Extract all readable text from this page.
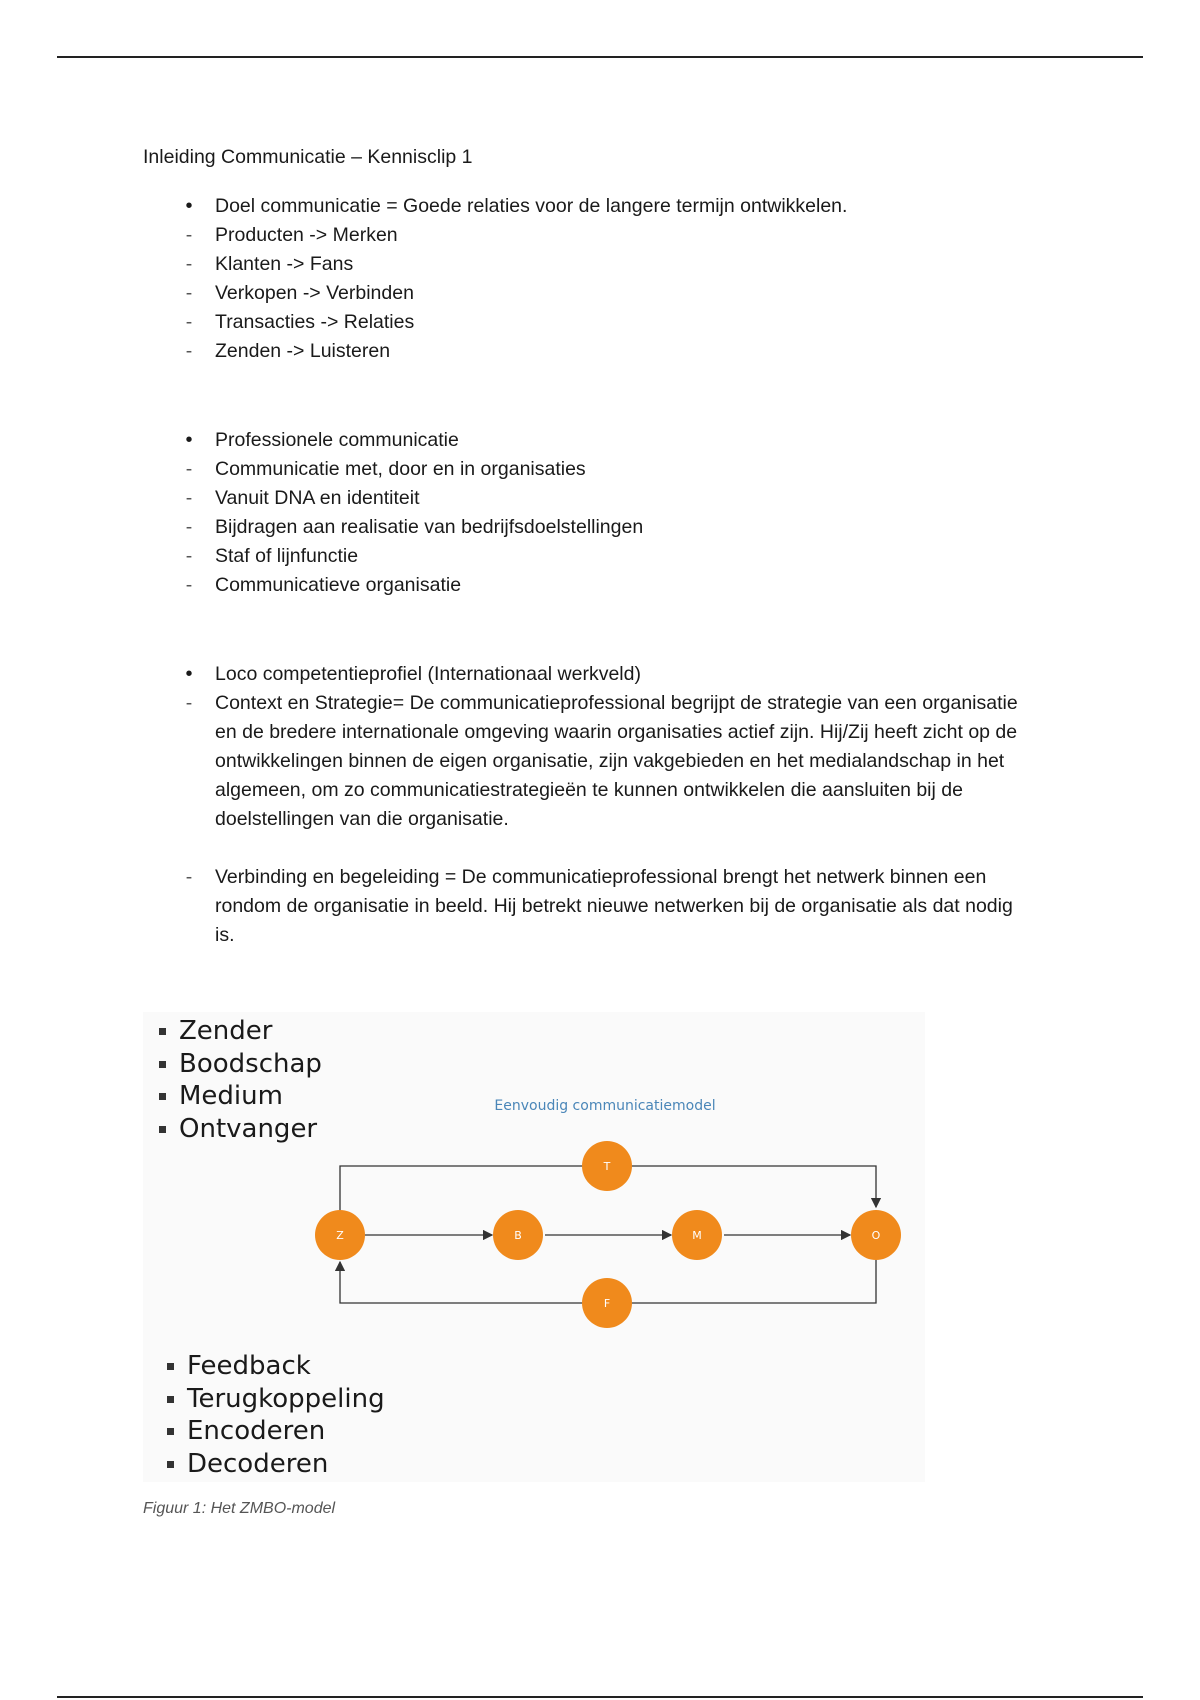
Inleiding Communicatie – Kennisclip 1

•	Doel communicatie = Goede relaties voor de langere termijn ontwikkelen.
-	Producten -> Merken
-	Klanten -> Fans
-	Verkopen -> Verbinden
-	Transacties -> Relaties
-	Zenden -> Luisteren
•	Professionele communicatie
-	Communicatie met, door en in organisaties
-	Vanuit DNA en identiteit
-	Bijdragen aan realisatie van bedrijfsdoelstellingen
-	Staf of lijnfunctie
-	Communicatieve organisatie
•	Loco competentieprofiel (Internationaal werkveld)
-	Context en Strategie= De communicatieprofessional begrijpt de strategie van een organisatie
en de bredere internationale omgeving waarin organisaties actief zijn. Hij/Zij heeft zicht op de
ontwikkelingen binnen de eigen organisatie, zijn vakgebieden en het medialandschap in het
algemeen, om zo communicatiestrategieën te kunnen ontwikkelen die aansluiten bij de
doelstellingen van die organisatie.
-	Verbinding en begeleiding = De communicatieprofessional brengt het netwerk binnen een
rondom de organisatie in beeld. Hij betrekt nieuwe netwerken bij de organisatie als dat nodig
is.
Zender
Boodschap
Medium
Ontvanger
Eenvoudig communicatiemodel
Z	B	M	O
T
F
Feedback
Terugkoppeling
Encoderen
Decoderen

Figuur 1: Het ZMBO-model
